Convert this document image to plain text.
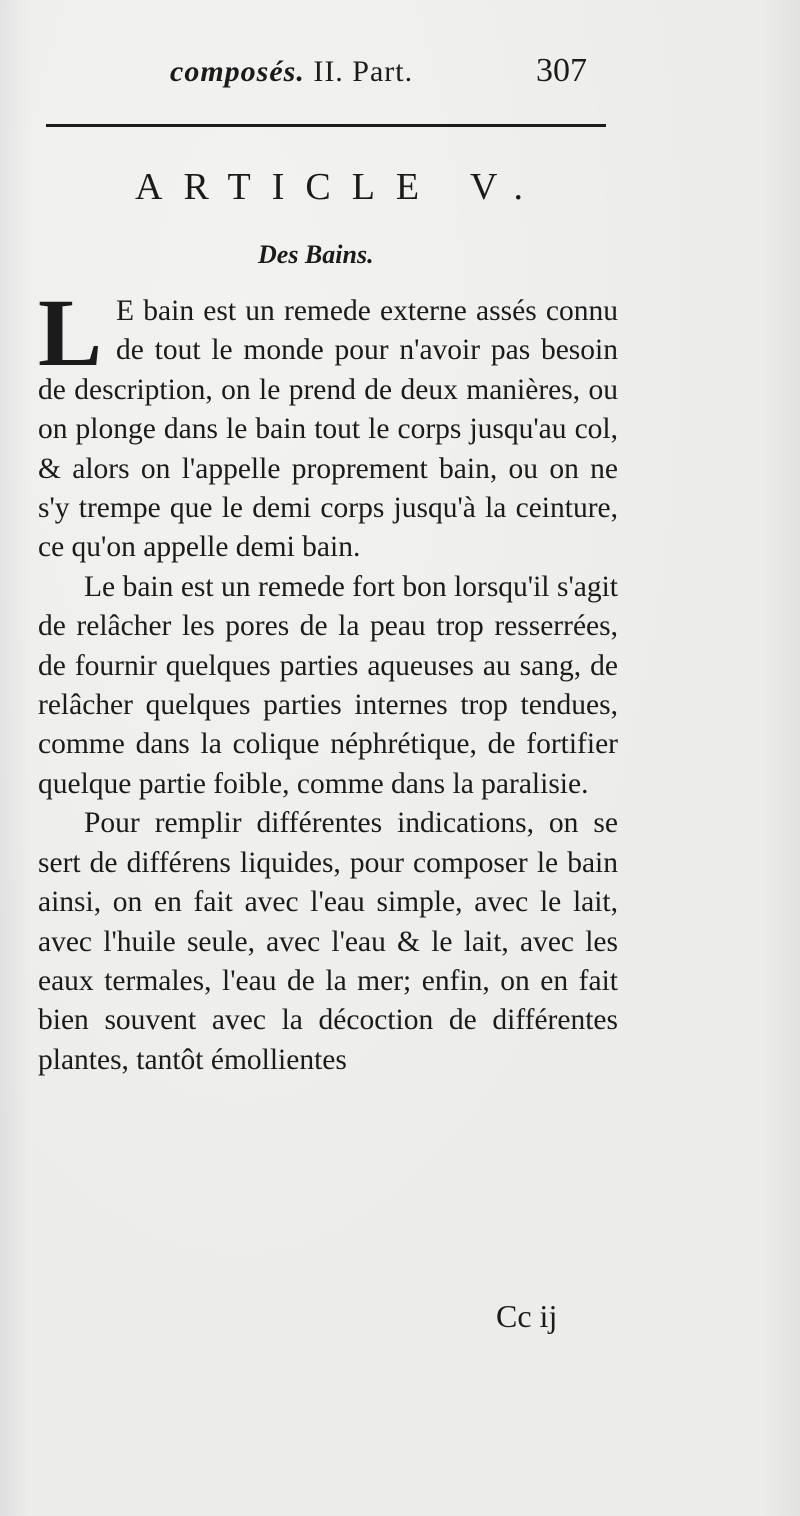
composés. II. Part.	307
ARTICLE V.
Des Bains.

L E bain est un remede externe assés connu de tout le monde pour n'avoir pas besoin de description, on le prend de deux manières, ou on plonge dans le bain tout le corps jusqu'au col, & alors on l'appelle proprement bain, ou on ne s'y trempe que le demi corps jusqu'à la ceinture, ce qu'on appelle demi bain.

Le bain est un remede fort bon lorsqu'il s'agit de relâcher les pores de la peau trop resserrées, de fournir quelques parties aqueuses au sang, de relâcher quelques parties internes trop tendues, comme dans la colique néphrétique, de fortifier quelque partie foible, comme dans la paralisie.

Pour remplir différentes indications, on se sert de différens liquides, pour composer le bain ainsi, on en fait avec l'eau simple, avec le lait, avec l'huile seule, avec l'eau & le lait, avec les eaux termales, l'eau de la mer; enfin, on en fait bien souvent avec la décoction de différentes plantes, tantôt émollientes

Cc ij
